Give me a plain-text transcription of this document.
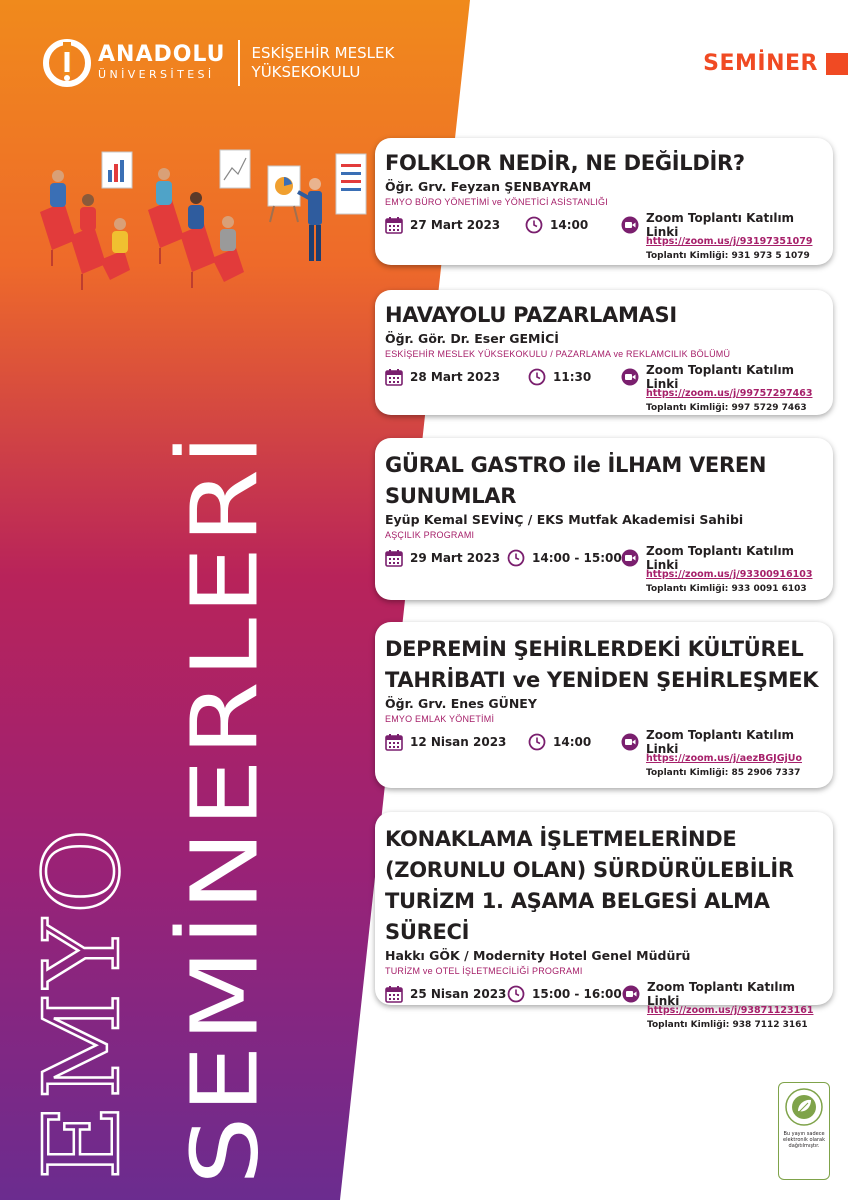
ANADOLU
ÜNİVERSİTESİ
ESKİŞEHİR MESLEK
YÜKSEKOKULU	SEMİNER
EMYO SEMİNERLERİ
FOLKLOR NEDİR, NE DEĞİLDİR?
Öğr. Grv. Feyzan ŞENBAYRAM
EMYO BÜRO YÖNETİMİ ve YÖNETİCİ ASİSTANLIĞI
27 Mart 2023	14:00	Zoom Toplantı Katılım Linki
https://zoom.us/j/93197351079
Toplantı Kimliği: 931 973 5 1079
HAVAYOLU PAZARLAMASI
Öğr. Gör. Dr. Eser GEMİCİ
ESKİŞEHİR MESLEK YÜKSEKOKULU / PAZARLAMA ve REKLAMCILIK BÖLÜMÜ
28 Mart 2023	11:30	Zoom Toplantı Katılım Linki
https://zoom.us/j/99757297463
Toplantı Kimliği: 997 5729 7463
GÜRAL GASTRO ile İLHAM VEREN
SUNUMLAR
Eyüp Kemal SEVİNÇ / EKS Mutfak Akademisi Sahibi
AŞÇILIK PROGRAMI
29 Mart 2023	14:00 - 15:00 Zoom Toplantı Katılım Linki
https://zoom.us/j/93300916103
Toplantı Kimliği: 933 0091 6103
DEPREMİN ŞEHİRLERDEKİ KÜLTÜREL
TAHRİBATI ve YENİDEN ŞEHİRLEŞMEK
Öğr. Grv. Enes GÜNEY
EMYO EMLAK YÖNETİMİ
12 Nisan 2023	14:00	Zoom Toplantı Katılım Linki
https://zoom.us/j/aezBGJGjUo
Toplantı Kimliği: 85 2906 7337
KONAKLAMA İŞLETMELERİNDE
(ZORUNLU OLAN) SÜRDÜRÜLEBİLİR
TURİZM 1. AŞAMA BELGESİ ALMA SÜRECİ
Hakkı GÖK / Modernity Hotel Genel Müdürü
TURİZM ve OTEL İŞLETMECİLİĞİ PROGRAMI
25 Nisan 2023 15:00 - 16:00 Zoom Toplantı Katılım Linki
https://zoom.us/j/93871123161
Toplantı Kimliği: 938 7112 3161
Bu yayın sadece elektronik olarak dağıtılmıştır.
